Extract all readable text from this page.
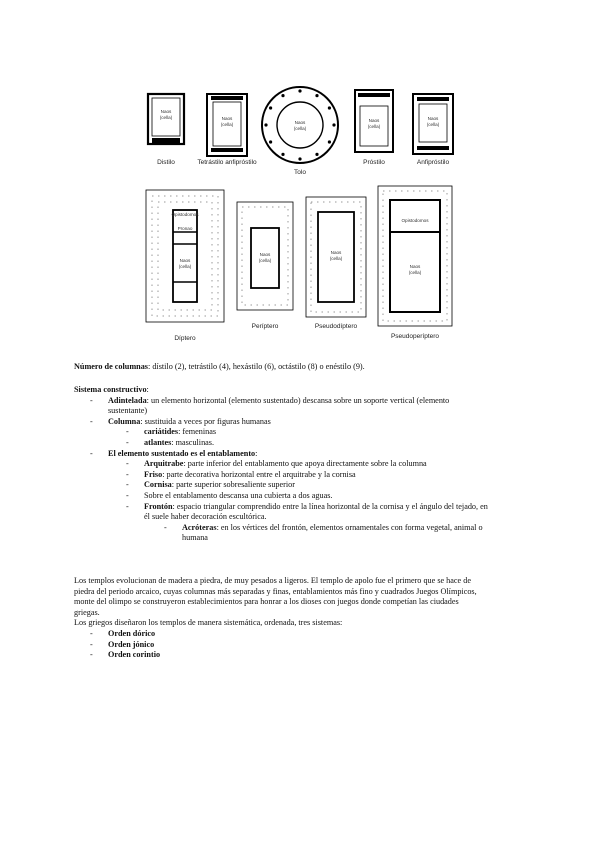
Naos
(cella)
Distilo
Naos
(cella)
Tetrástilo anfipróstilo
Naos
(cella)
Tolo
Naos
(cella)
Próstilo
Naos
(cella)
Anfipróstilo
Opistodomos
Pronao
Naos
(cella)
Díptero
Naos
(cella)
Períptero
Naos
(cella)
Pseudodíptero
Opistodomos
Naos
(cella)
Pseudoperíptero
Número de columnas: dístilo (2), tetrástilo (4), hexástilo (6), octástilo (8) o enéstilo (9).
Sistema constructivo:
- Adintelada: un elemento horizontal (elemento sustentado) descansa sobre un soporte vertical (elemento
sustentante)
- Columna: sustituida a veces por figuras humanas
- cariátides: femeninas
- atlantes: masculinas.
- El elemento sustentado es el entablamento:
- Arquitrabe: parte inferior del entablamento que apoya directamente sobre la columna
- Friso: parte decorativa horizontal entre el arquitrabe y la cornisa
- Cornisa: parte superior sobresaliente superior
- Sobre el entablamento descansa una cubierta a dos aguas.
- Frontón: espacio triangular comprendido entre la línea horizontal de la cornisa y el ángulo del tejado, en
él suele haber decoración escultórica.
- Acróteras: en los vértices del frontón, elementos ornamentales con forma vegetal, animal o
humana
Los templos evolucionan de madera a piedra, de muy pesados a ligeros. El templo de apolo fue el primero que se hace de
piedra del periodo arcaico, cuyas columnas más separadas y finas, entablamientos más fino y cuadrados Juegos Olímpicos,
monte del olimpo se construyeron establecimientos para honrar a los dioses con juegos donde competían las ciudades
griegas.
Los griegos diseñaron los templos de manera sistemática, ordenada, tres sistemas:
- Orden dórico
- Orden jónico
- Orden corintio
